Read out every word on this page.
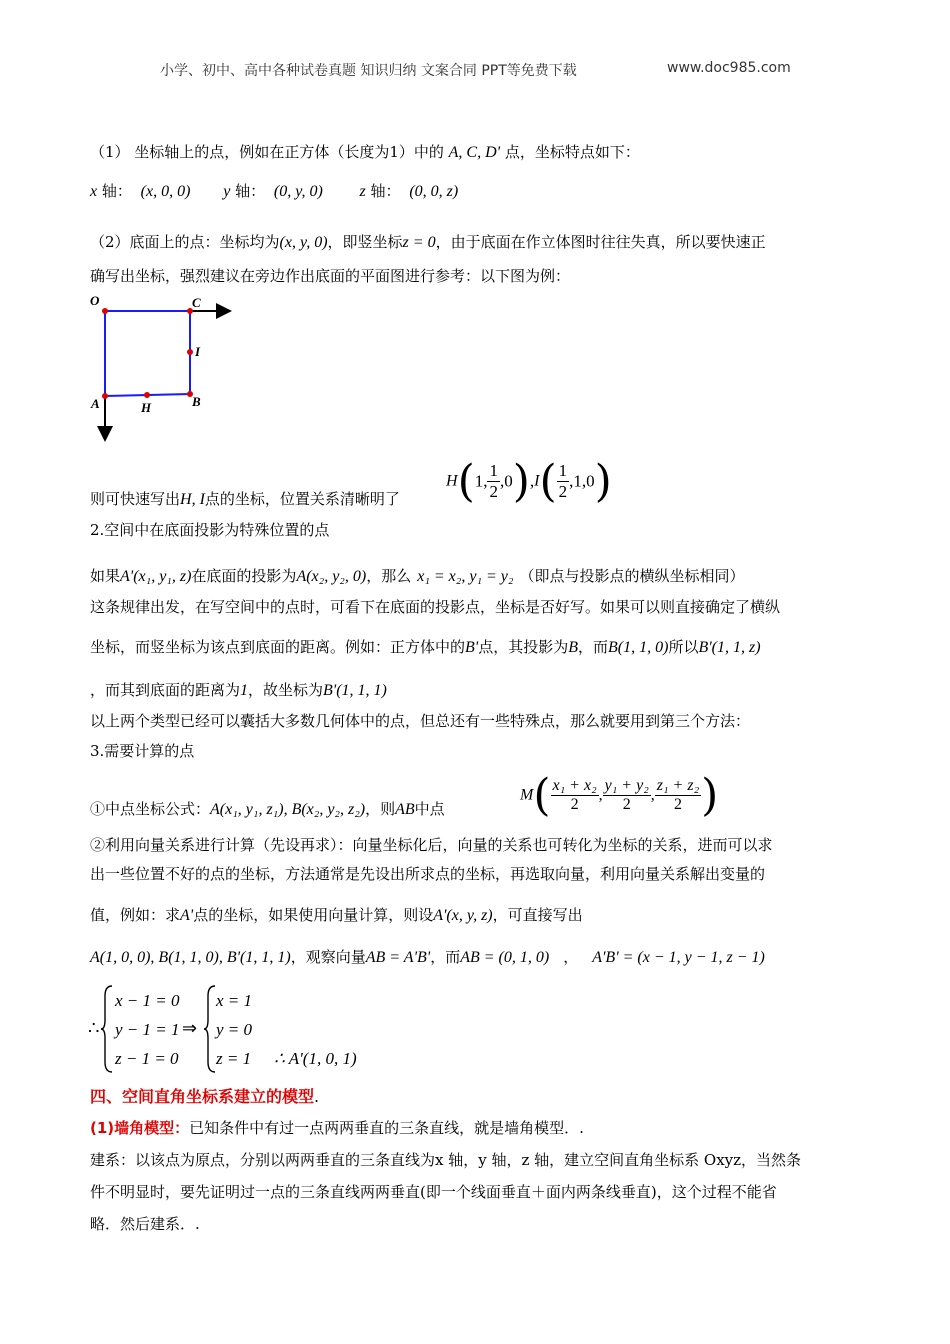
小学、初中、高中各种试卷真题 知识归纳 文案合同 PPT等免费下载	www.doc985.com
（1） 坐标轴上的点，例如在正方体（长度为1）中的 A, C, D' 点，坐标特点如下：
x 轴： (x, 0, 0) y 轴： (0, y, 0) z 轴： (0, 0, z)
（2）底面上的点：坐标均为(x, y, 0)，即竖坐标z = 0，由于底面在作立体图时往往失真，所以要快速正
确写出坐标，强烈建议在旁边作出底面的平面图进行参考：以下图为例：
O	C
I
A	H	B
则可快速写出H, I点的坐标，位置关系清晰明了
H(1, $\frac{1}{2} ,0),I( \frac{1}{2} ,1,0)$
2.空间中在底面投影为特殊位置的点
如果A'(x₁, y₁, z)在底面的投影为A(x₂, y₂, 0)，那么 x₁ = x₂, y₁ = y₂ （即点与投影点的横纵坐标相同）
这条规律出发，在写空间中的点时，可看下在底面的投影点，坐标是否好写。如果可以则直接确定了横纵
坐标，而竖坐标为该点到底面的距离。例如：正方体中的B'点，其投影为B，而B(1, 1, 0)所以B'(1, 1, z)
，而其到底面的距离为1，故坐标为B'(1, 1, 1)
以上两个类型已经可以囊括大多数几何体中的点，但总还有一些特殊点，那么就要用到第三个方法：
3.需要计算的点
①中点坐标公式：A(x₁, y₁, z₁), B(x₂, y₂, z₂)，则AB中点
$M( \frac{\text{x₁ + x₂}}{2}$ , $\frac{\text{y₁ + y₂}}{2}$ , $\frac{\text{z₁ + z₂}}{2}$ )
②利用向量关系进行计算（先设再求）：向量坐标化后，向量的关系也可转化为坐标的关系，进而可以求
出一些位置不好的点的坐标，方法通常是先设出所求点的坐标，再选取向量，利用向量关系解出变量的
值，例如：求A'点的坐标，如果使用向量计算，则设A'(x, y, z)，可直接写出
A(1, 0, 0), B(1, 1, 0), B'(1, 1, 1)，观察向量AB = A'B'，而AB = (0, 1, 0) ， A'B' = (x − 1, y − 1, z − 1)
∴
x − 1 = 0
y − 1 = 1
z − 1 = 0
⇒
x = 1
y = 0
z = 1 ∴ A'(1, 0, 1)
四、空间直角坐标系建立的模型.
(1)墙角模型：已知条件中有过一点两两垂直的三条直线，就是墙角模型．.
建系：以该点为原点，分别以两两垂直的三条直线为x 轴，y 轴，z 轴，建立空间直角坐标系 Oxyz，当然条
件不明显时，要先证明过一点的三条直线两两垂直(即一个线面垂直＋面内两条线垂直)，这个过程不能省
略．然后建系．.
